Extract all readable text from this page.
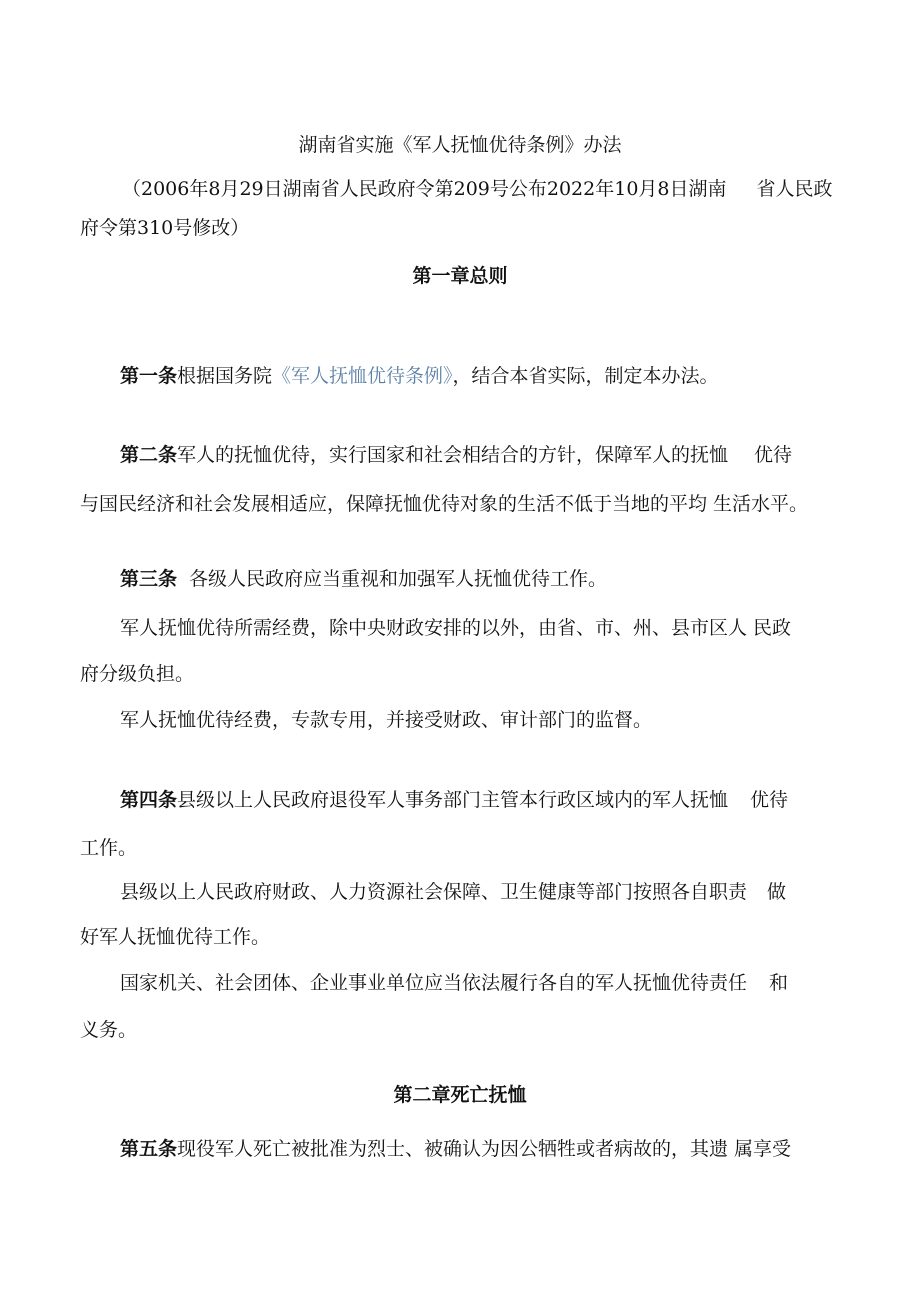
湖南省实施《军人抚恤优待条例》办法
（2006年8月29日湖南省人民政府令第209号公布2022年10月8日湖南 省人民政
府令第310号修改）
第一章总则
第一条根据国务院《军人抚恤优待条例》，结合本省实际，制定本办法。
第二条军人的抚恤优待，实行国家和社会相结合的方针，保障军人的抚恤 优待
与国民经济和社会发展相适应，保障抚恤优待对象的生活不低于当地的平均 生活水平。
第三条 各级人民政府应当重视和加强军人抚恤优待工作。
军人抚恤优待所需经费，除中央财政安排的以外，由省、市、州、县市区人 民政
府分级负担。
军人抚恤优待经费，专款专用，并接受财政、审计部门的监督。
第四条县级以上人民政府退役军人事务部门主管本行政区域内的军人抚恤 优待
工作。
县级以上人民政府财政、人力资源社会保障、卫生健康等部门按照各自职责 做
好军人抚恤优待工作。
国家机关、社会团体、企业事业单位应当依法履行各自的军人抚恤优待责任 和
义务。
第二章死亡抚恤
第五条现役军人死亡被批准为烈士、被确认为因公牺牲或者病故的，其遗 属享受
